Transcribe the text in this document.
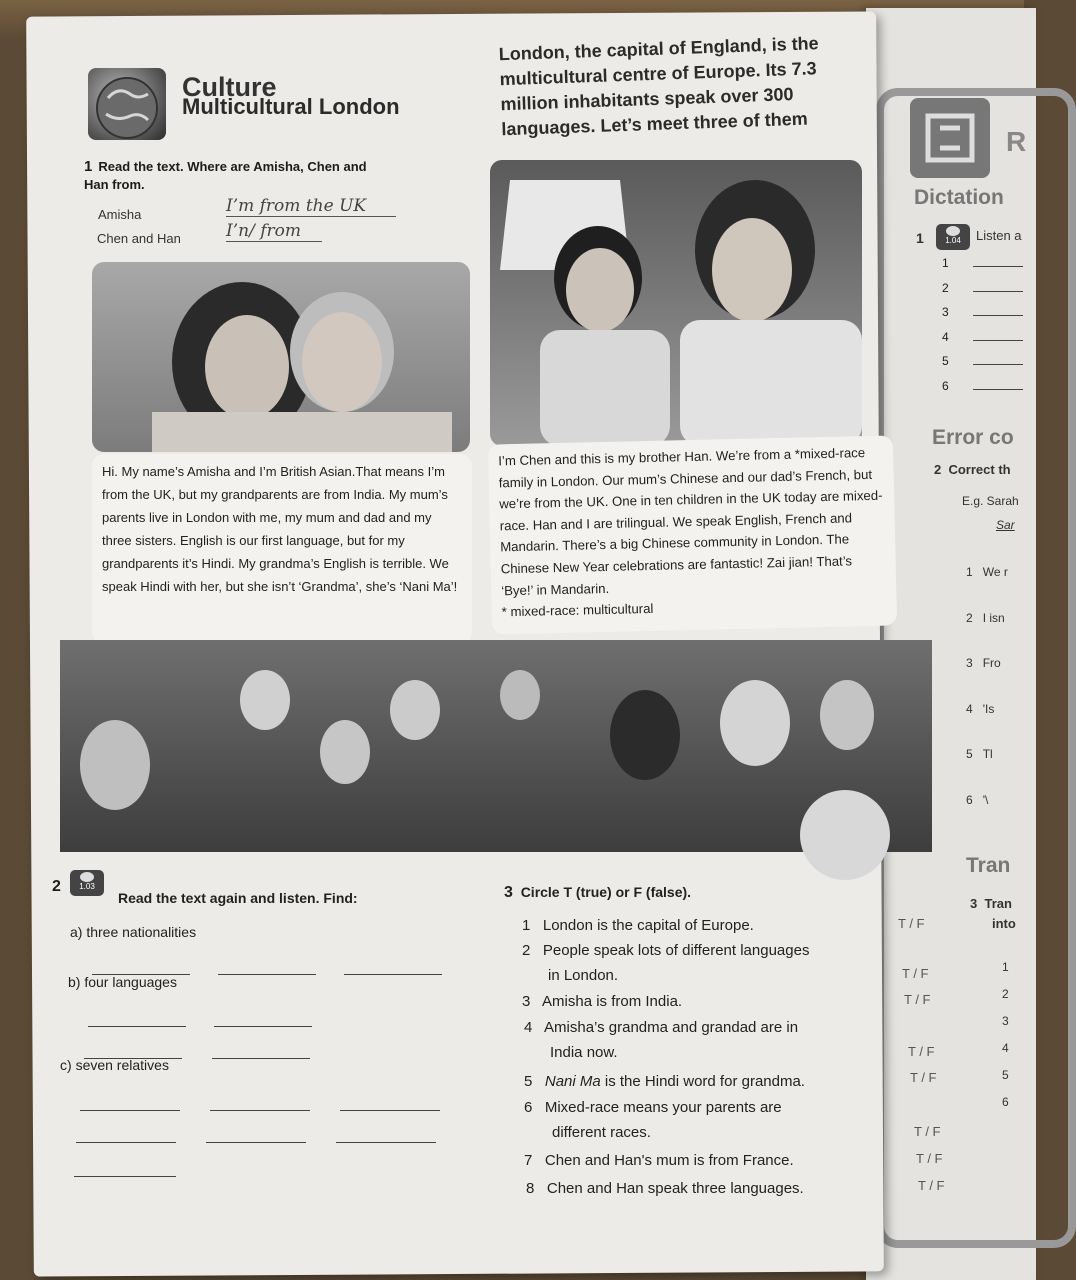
R
Dictation
1	1.04	Listen a
1
2
3
4
5
6
Error co
2 Correct th
E.g. Sarah
Sar
1 We r
2 I isn
3 Fro
4 'Is
5 Tl
6 '\
Tran
3 Tran
into
1
2
3
4
5
6
Culture
Multicultural London
London, the capital of England, is the multicultural centre of Europe. Its 7.3 million inhabitants speak over 300 languages. Let’s meet three of them
1 Read the text. Where are Amisha, Chen and Han from.
Amisha	I’m from the UK
Chen and Han	I’n/ from
Hi. My name’s Amisha and I’m British Asian.That means I’m from the UK, but my grandparents are from India. My mum’s parents live in London with me, my mum and dad and my three sisters. English is our first language, but for my grandparents it’s Hindi. My grandma’s English is terrible. We speak Hindi with her, but she isn’t ‘Grandma’, she’s ‘Nani Ma’!
I’m Chen and this is my brother Han. We’re from a *mixed-race family in London. Our mum’s Chinese and our dad’s French, but we’re from the UK. One in ten children in the UK today are mixed-race. Han and I are trilingual. We speak English, French and Mandarin. There’s a big Chinese community in London. The Chinese New Year celebrations are fantastic! Zai jian! That’s ‘Bye!’ in Mandarin.
* mixed-race: multicultural
2	1.03
Read the text again and listen. Find:
a) three nationalities
b) four languages
c) seven relatives
3 Circle T (true) or F (false).
1 London is the capital of Europe.	T / F
2 People speak lots of different languages
in London.	T / F
3 Amisha is from India.	T / F
4 Amisha’s grandma and grandad are in
India now.	T / F
5 Nani Ma is the Hindi word for grandma.	T / F
6 Mixed-race means your parents are
different races.	T / F
7 Chen and Han's mum is from France.	T / F
8 Chen and Han speak three languages.	T / F
